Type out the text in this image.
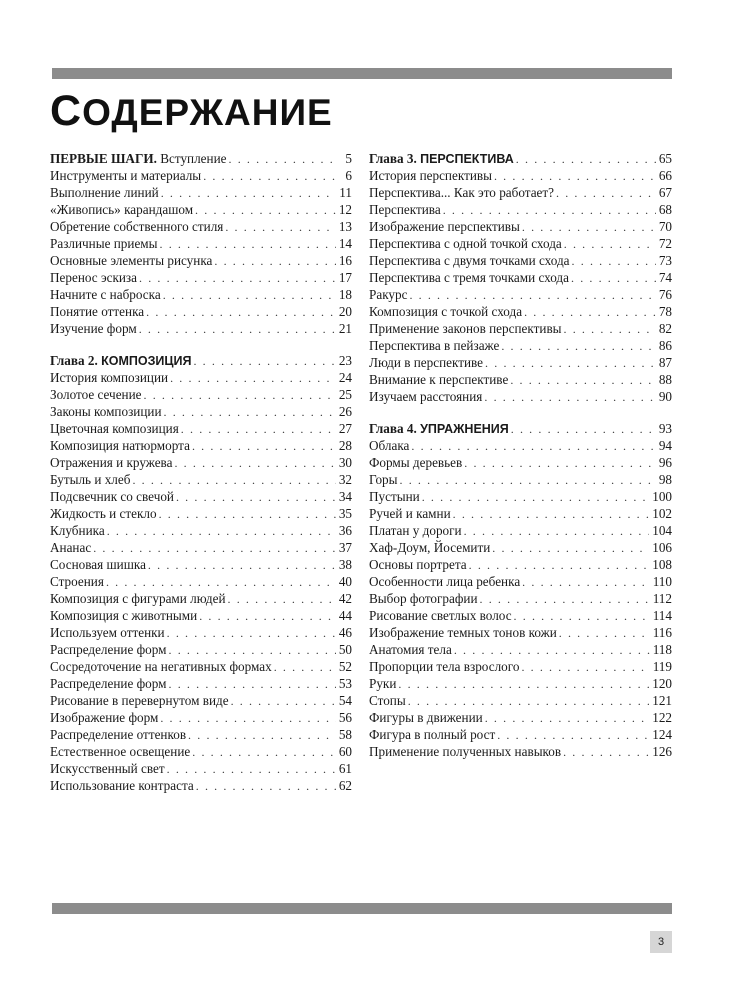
СОДЕРЖАНИЕ
ПЕРВЫЕ ШАГИ. Вступление . . .	5
Инструменты и материалы . . .	6
Выполнение линий . . .	11
«Живопись» карандашом . . .	12
Обретение собственного стиля . . .	13
Различные приемы . . .	14
Основные элементы рисунка . . .	16
Перенос эскиза . . .	17
Начните с наброска . . .	18
Понятие оттенка . . .	20
Изучение форм . . .	21
Глава 2. КОМПОЗИЦИЯ . . .	23
История композиции . . .	24
Золотое сечение . . .	25
Законы композиции . . .	26
Цветочная композиция . . .	27
Композиция натюрморта . . .	28
Отражения и кружева . . .	30
Бутыль и хлеб . . .	32
Подсвечник со свечой . . .	34
Жидкость и стекло . . .	35
Клубника . . .	36
Ананас . . .	37
Сосновая шишка . . .	38
Строения . . .	40
Композиция с фигурами людей . . .	42
Композиция с животными . . .	44
Используем оттенки . . .	46
Распределение форм . . .	50
Сосредоточение на негативных формах . . .	52
Распределение форм . . .	53
Рисование в перевернутом виде . . .	54
Изображение форм . . .	56
Распределение оттенков . . .	58
Естественное освещение . . .	60
Искусственный свет . . .	61
Использование контраста . . .	62
Глава 3. ПЕРСПЕКТИВА . . .	65
История перспективы . . .	66
Перспектива... Как это работает? . . .	67
Перспектива . . .	68
Изображение перспективы . . .	70
Перспектива с одной точкой схода . . .	72
Перспектива с двумя точками схода . . .	73
Перспектива с тремя точками схода . . .	74
Ракурс . . .	76
Композиция с точкой схода . . .	78
Применение законов перспективы . . .	82
Перспектива в пейзаже . . .	86
Люди в перспективе . . .	87
Внимание к перспективе . . .	88
Изучаем расстояния . . .	90
Глава 4. УПРАЖНЕНИЯ . . .	93
Облака . . .	94
Формы деревьев . . .	96
Горы . . .	98
Пустыни . . .	100
Ручей и камни . . .	102
Платан у дороги . . .	104
Хаф-Доум, Йосемити . . .	106
Основы портрета . . .	108
Особенности лица ребенка . . .	110
Выбор фотографии . . .	112
Рисование светлых волос . . .	114
Изображение темных тонов кожи . . .	116
Анатомия тела . . .	118
Пропорции тела взрослого . . .	119
Руки . . .	120
Стопы . . .	121
Фигуры в движении . . .	122
Фигура в полный рост . . .	124
Применение полученных навыков . . .	126
3
